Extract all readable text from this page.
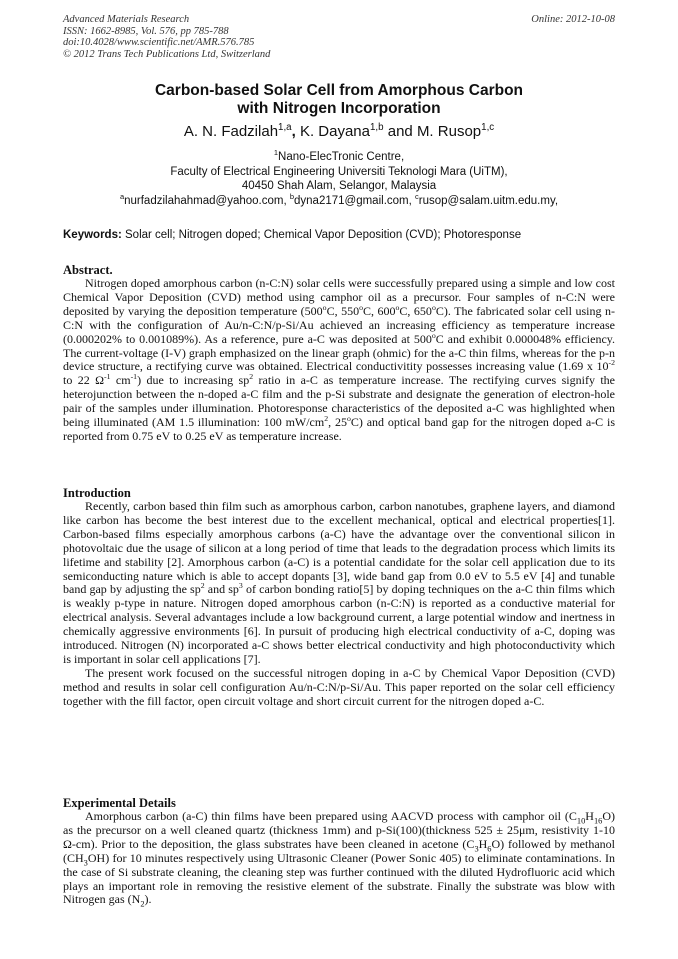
Advanced Materials Research
ISSN: 1662-8985, Vol. 576, pp 785-788
doi:10.4028/www.scientific.net/AMR.576.785
© 2012 Trans Tech Publications Ltd, Switzerland
Online: 2012-10-08
Carbon-based Solar Cell from Amorphous Carbon
with Nitrogen Incorporation
A. N. Fadzilah$^{1,a}$, K. Dayana$^{1,b}$ and M. Rusop$^{1,c}$
$^1$Nano-ElecTronic Centre,
Faculty of Electrical Engineering Universiti Teknologi Mara (UiTM),
40450 Shah Alam, Selangor, Malaysia
$^a$nurfadzilahahmad@yahoo.com, $^b$dyna2171@gmail.com, $^c$rusop@salam.uitm.edu.my,
Keywords: Solar cell; Nitrogen doped; Chemical Vapor Deposition (CVD); Photoresponse
Abstract.

Nitrogen doped amorphous carbon (n-C:N) solar cells were successfully prepared using a simple and low cost Chemical Vapor Deposition (CVD) method using camphor oil as a precursor. Four samples of n-C:N were deposited by varying the deposition temperature (500$^o$C, 550$^o$C, 600$^o$C, 650$^o$C). The fabricated solar cell using n-C:N with the configuration of Au/n-C:N/p-Si/Au achieved an increasing efficiency as temperature increase (0.000202% to 0.001089%). As a reference, pure a-C was deposited at 500$^o$C and exhibit 0.000048% efficiency. The current-voltage (I-V) graph emphasized on the linear graph (ohmic) for the a-C thin films, whereas for the p-n device structure, a rectifying curve was obtained. Electrical conductivitity possesses increasing value (1.69 x $10^{-2}$ to 22 $\Omega^{-1}$ $cm^{-1}$) due to increasing $sp^2$ ratio in a-C as temperature increase. The rectifying curves signify the heterojunction between the n-doped a-C film and the p-Si substrate and designate the generation of electron-hole pair of the samples under illumination. Photoresponse characteristics of the deposited a-C was highlighted when being illuminated (AM 1.5 illumination: 100 $mW/cm^2$, 25$^o$C) and optical band gap for the nitrogen doped a-C is reported from 0.75 eV to 0.25 eV as temperature increase.

Introduction

Recently, carbon based thin film such as amorphous carbon, carbon nanotubes, graphene layers, and diamond like carbon has become the best interest due to the excellent mechanical, optical and electrical properties[1]. Carbon-based films especially amorphous carbons (a-C) have the advantage over the conventional silicon in photovoltaic due the usage of silicon at a long period of time that leads to the degradation process which limits its lifetime and stability [2]. Amorphous carbon (a-C) is a potential candidate for the solar cell application due to its semiconducting nature which is able to accept dopants [3], wide band gap from 0.0 eV to 5.5 eV [4] and tunable band gap by adjusting the $sp^2$ and $sp^3$ of carbon bonding ratio[5] by doping techniques on the a-C thin films which is weakly p-type in nature. Nitrogen doped amorphous carbon (n-C:N) is reported as a conductive material for electrical analysis. Several advantages include a low background current, a large potential window and inertness in chemically aggressive environments [6]. In pursuit of producing high electrical conductivity of a-C, doping was introduced. Nitrogen (N) incorporated a-C shows better electrical conductivity and high photoconductivity which is important in solar cell applications [7].

The present work focused on the successful nitrogen doping in a-C by Chemical Vapor Deposition (CVD) method and results in solar cell configuration Au/n-C:N/p-Si/Au. This paper reported on the solar cell efficiency together with the fill factor, open circuit voltage and short circuit current for the nitrogen doped a-C.

Experimental Details

Amorphous carbon (a-C) thin films have been prepared using AACVD process with camphor oil $(C_{10}H_{16}O)$ as the precursor on a well cleaned quartz (thickness 1mm) and p-Si(100)(thickness 525 ± 25μm, resistivity 1-10 Ω-cm). Prior to the deposition, the glass substrates have been cleaned in acetone $(C_3H_6O)$ followed by methanol $(CH_3OH)$ for 10 minutes respectively using Ultrasonic Cleaner (Power Sonic 405) to eliminate contaminations. In the case of Si substrate cleaning, the cleaning step was further continued with the diluted Hydrofluoric acid which plays an important role in removing the resistive element of the substrate. Finally the substrate was blow with Nitrogen gas $(N_2)$.
